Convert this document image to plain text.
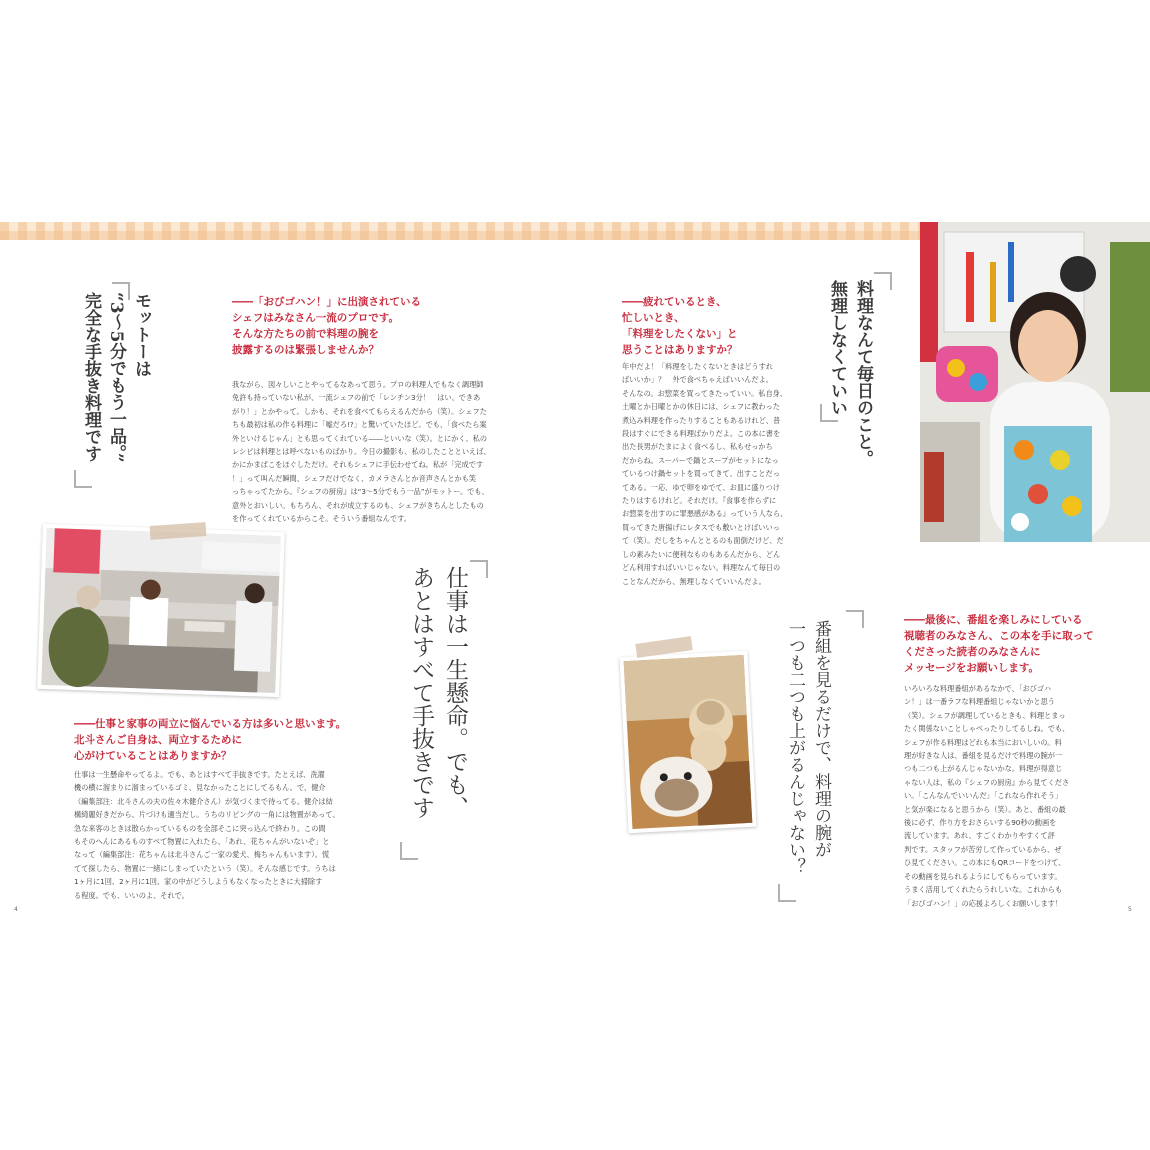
モットーは
“3～5分でもう一品。”
完全な手抜き料理です	――「おびゴハン！」に出演されている
シェフはみなさん一流のプロです。
そんな方たちの前で料理の腕を
披露するのは緊張しませんか？
我ながら、図々しいことやってるなあって思う。プロの料理人でもなく調理師
免許も持っていない私が、一流シェフの前で「レンチン3分！　はい、できあ
がり！」とかやって。しかも、それを食べてもらえるんだから（笑）。シェフた
ちも最初は私の作る料理に「嘘だろ!?」と驚いていたほど。でも、「食べたら案
外といけるじゃん」とも思ってくれている――といいな（笑）。とにかく、私の
レシピは料理とは呼べないものばかり。今日の撮影も、私のしたことといえば、
かにかまぱこをほぐしただけ。それもシェフに手伝わせてね。私が「完成です
！」って叫んだ瞬間、シェフだけでなく、カメラさんとか音声さんとかも笑
っちゃってたから。『シェフの厨房』は“3～5分でもう一品”がモットー。でも、
意外とおいしい。もちろん、それが成立するのも、シェフがきちんとしたもの
を作ってくれているからこそ。そういう番組なんです。
仕事は一生懸命。でも、
あとはすべて手抜きです
――仕事と家事の両立に悩んでいる方は多いと思います。
北斗さんご自身は、両立するために
心がけていることはありますか？
仕事は一生懸命やってるよ。でも、あとはすべて手抜きです。たとえば、洗濯
機の横に溜まりに溜まっているゴミ、見なかったことにしてるもん。で、健介
（編集部注：北斗さんの夫の佐々木健介さん）が気づくまで待ってる。健介は結
構綺麗好きだから、片づけも適当だし。うちのリビングの一角には物置があって、
急な来客のときは散らかっているものを全部そこに突っ込んで終わり。この間
もそのへんにあるものすべて物置に入れたら、「あれ、花ちゃんがいないぞ」と
なって（編集部注：花ちゃんは北斗さんご一家の愛犬、梅ちゃんもいます）。慌
てて探したら、物置に一緒にしまっていたという（笑）。そんな感じです。うちは
1ヶ月に1回、2ヶ月に1回、家の中がどうしようもなくなったときに大掃除す
る程度。でも、いいのよ、それで。
4
――疲れているとき、
忙しいとき、
「料理をしたくない」と
思うことはありますか？
年中だよ！「料理をしたくないときはどうすれ
ばいいか」？　外で食べちゃえばいいんだよ。
そんなの。お惣菜を買ってきたっていい。私自身、
土曜とか日曜とかの休日には、シェフに教わった
煮込み料理を作ったりすることもあるけれど、普
段はすぐにできる料理ばかりだよ。この本に書を
出た長男がたまによく食べるし、私もせっかち
だからね。スーパーで鍋とスープがセットになっ
ているつけ鍋セットを買ってきて、出すことだっ
てある。一応、ゆで卵をゆでて、お皿に盛りつけ
たりはするけれど。それだけ。『食事を作らずに
お惣菜を出すのに罪悪感がある』っていう人なら、
買ってきた唐揚げにレタスでも敷いとけばいいっ
て（笑）。だしをちゃんととるのも面倒だけど、だ
しの素みたいに便利なものもあるんだから、どん
どん利用すればいいじゃない。料理なんて毎日の
ことなんだから、無理しなくていいんだよ。
料理なんて毎日のこと。
無理しなくていい
番組を見るだけで、料理の腕が
一つも二つも上がるんじゃない？	――最後に、番組を楽しみにしている
視聴者のみなさん、この本を手に取って
くださった読者のみなさんに
メッセージをお願いします。
いろいろな料理番組があるなかで、「おびゴハ
ン！」は一番ラフな料理番組じゃないかと思う
（笑）。シェフが調理しているときも、料理とまっ
たく関係ないことしゃべったりしてるしね。でも、
シェフが作る料理はどれも本当においしいの。料
理が好きな人は、番組を見るだけで料理の腕が一
つも二つも上がるんじゃないかな。料理が得意じ
ゃない人は、私の『シェフの厨房』から見てくださ
い。「こんなんでいいんだ」「これなら作れそう」
と気が楽になると思うから（笑）。あと、番組の最
後に必ず、作り方をおさらいする90秒の動画を
流しています。あれ、すごくわかりやすくて評
判です。スタッフが苦労して作っているから、ぜ
ひ見てください。この本にもQRコードをつけて、
その動画を見られるようにしてもらっています。
うまく活用してくれたらうれしいな。これからも
「おびゴハン！」の応援よろしくお願いします！
5
